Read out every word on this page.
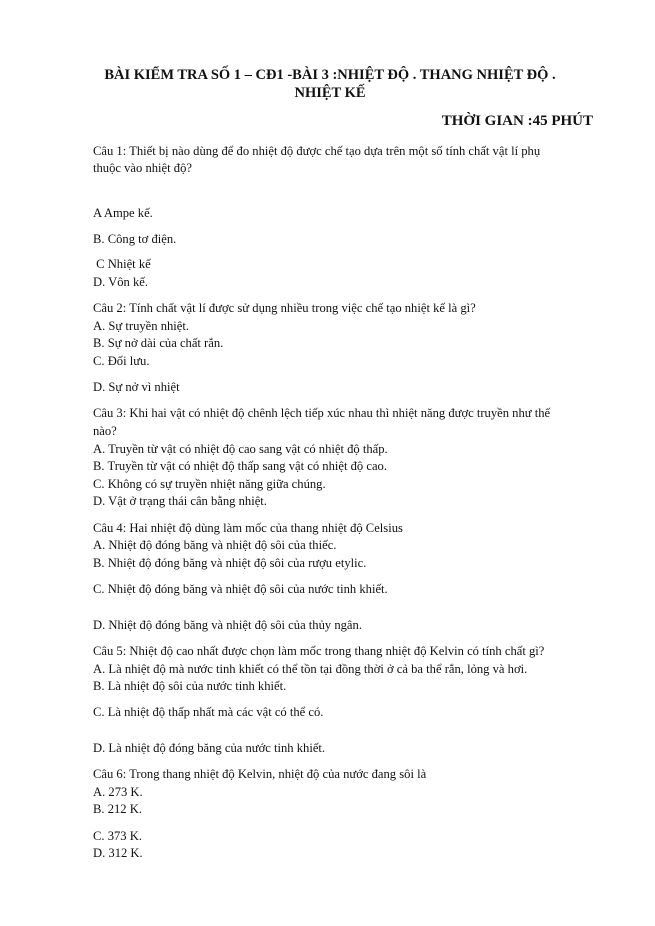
BÀI KIỂM TRA SỐ 1 – CĐ1 -BÀI 3 :NHIỆT ĐỘ . THANG NHIỆT ĐỘ .
NHIỆT KẾ
THỜI GIAN :45 PHÚT
Câu 1: Thiết bị nào dùng để đo nhiệt độ được chế tạo dựa trên một số tính chất vật lí phụ
thuộc vào nhiệt độ?
A Ampe kế.
B. Công tơ điện.
C Nhiệt kế
D. Vôn kế.
Câu 2: Tính chất vật lí được sử dụng nhiều trong việc chế tạo nhiệt kế là gì?
A. Sự truyền nhiệt.
B. Sự nở dài của chất rắn.
C. Đối lưu.
D. Sự nở vì nhiệt
Câu 3: Khi hai vật có nhiệt độ chênh lệch tiếp xúc nhau thì nhiệt năng được truyền như thế
nào?
A. Truyền từ vật có nhiệt độ cao sang vật có nhiệt độ thấp.
B. Truyền từ vật có nhiệt độ thấp sang vật có nhiệt độ cao.
C. Không có sự truyền nhiệt năng giữa chúng.
D. Vật ở trạng thái cân bằng nhiệt.
Câu 4: Hai nhiệt độ dùng làm mốc của thang nhiệt độ Celsius
A. Nhiệt độ đóng băng và nhiệt độ sôi của thiếc.
B. Nhiệt độ đóng băng và nhiệt độ sôi của rượu etylic.
C. Nhiệt độ đóng băng và nhiệt độ sôi của nước tinh khiết.
D. Nhiệt độ đóng băng và nhiệt độ sôi của thủy ngân.
Câu 5: Nhiệt độ cao nhất được chọn làm mốc trong thang nhiệt độ Kelvin có tính chất gì?
A. Là nhiệt độ mà nước tinh khiết có thể tồn tại đồng thời ở cả ba thể rắn, lỏng và hơi.
B. Là nhiệt độ sôi của nước tinh khiết.
C. Là nhiệt độ thấp nhất mà các vật có thể có.
D. Là nhiệt độ đóng băng của nước tinh khiết.
Câu 6: Trong thang nhiệt độ Kelvin, nhiệt độ của nước đang sôi là
A. 273 K.
B. 212 K.
C. 373 K.
D. 312 K.
